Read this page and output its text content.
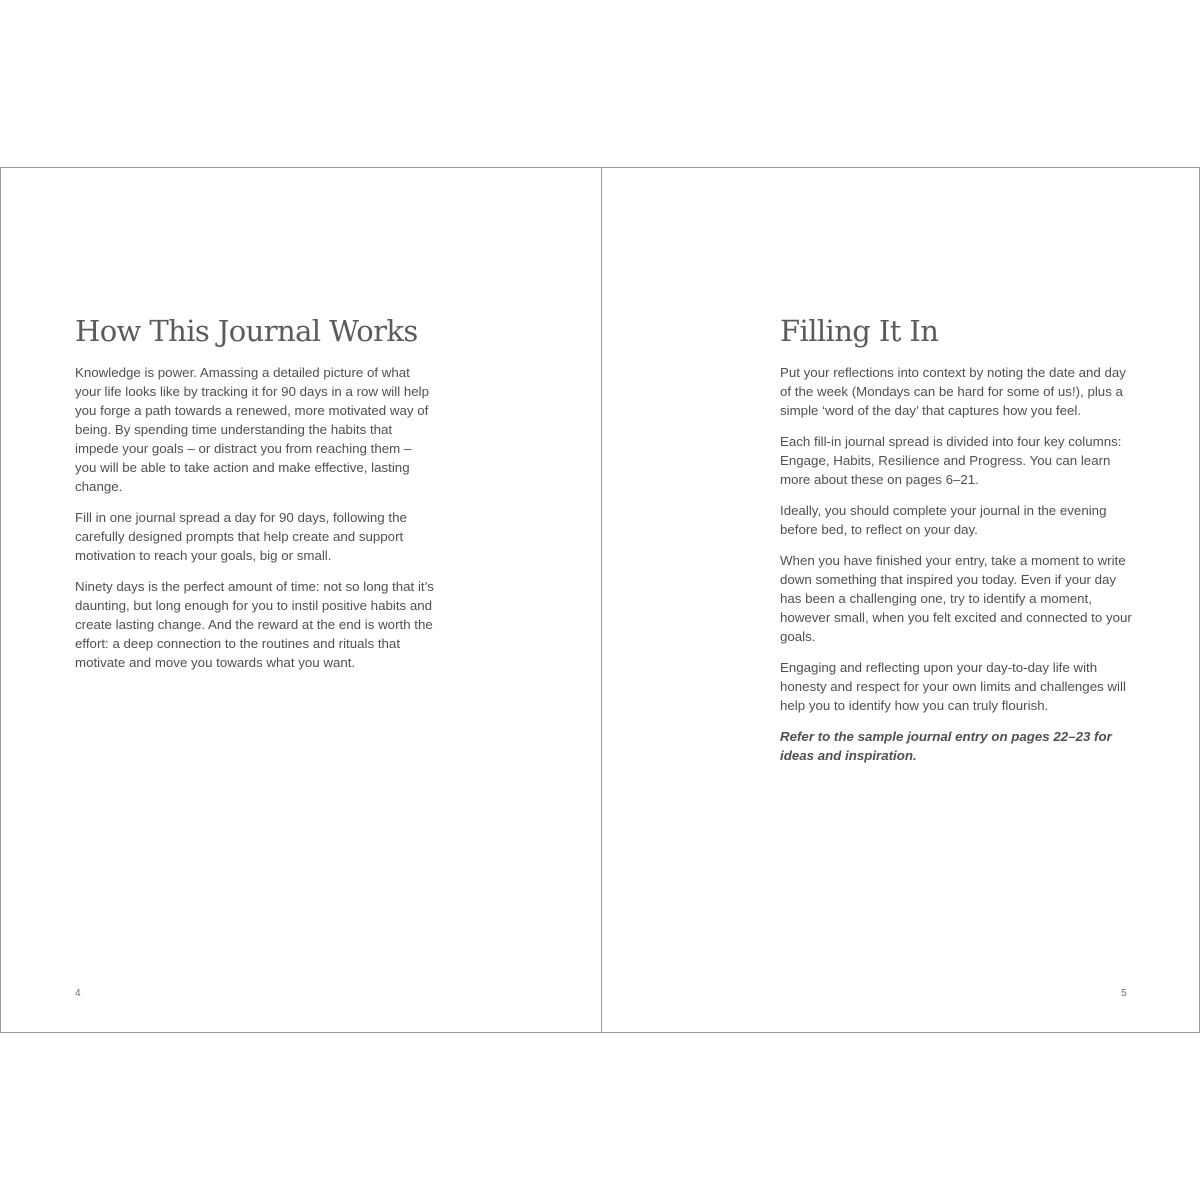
How This Journal Works

Knowledge is power. Amassing a detailed picture of what your life looks like by tracking it for 90 days in a row will help you forge a path towards a renewed, more motivated way of being. By spending time understanding the habits that impede your goals – or distract you from reaching them – you will be able to take action and make effective, lasting change.

Fill in one journal spread a day for 90 days, following the carefully designed prompts that help create and support motivation to reach your goals, big or small.

Ninety days is the perfect amount of time: not so long that it’s daunting, but long enough for you to instil positive habits and create lasting change. And the reward at the end is worth the effort: a deep connection to the routines and rituals that motivate and move you towards what you want.

4
Filling It In

Put your reflections into context by noting the date and day of the week (Mondays can be hard for some of us!), plus a simple ‘word of the day’ that captures how you feel.

Each fill-in journal spread is divided into four key columns: Engage, Habits, Resilience and Progress. You can learn more about these on pages 6–21.

Ideally, you should complete your journal in the evening before bed, to reflect on your day.

When you have finished your entry, take a moment to write down something that inspired you today. Even if your day has been a challenging one, try to identify a moment, however small, when you felt excited and connected to your goals.

Engaging and reflecting upon your day-to-day life with honesty and respect for your own limits and challenges will help you to identify how you can truly flourish.

Refer to the sample journal entry on pages 22–23 for ideas and inspiration.

5
